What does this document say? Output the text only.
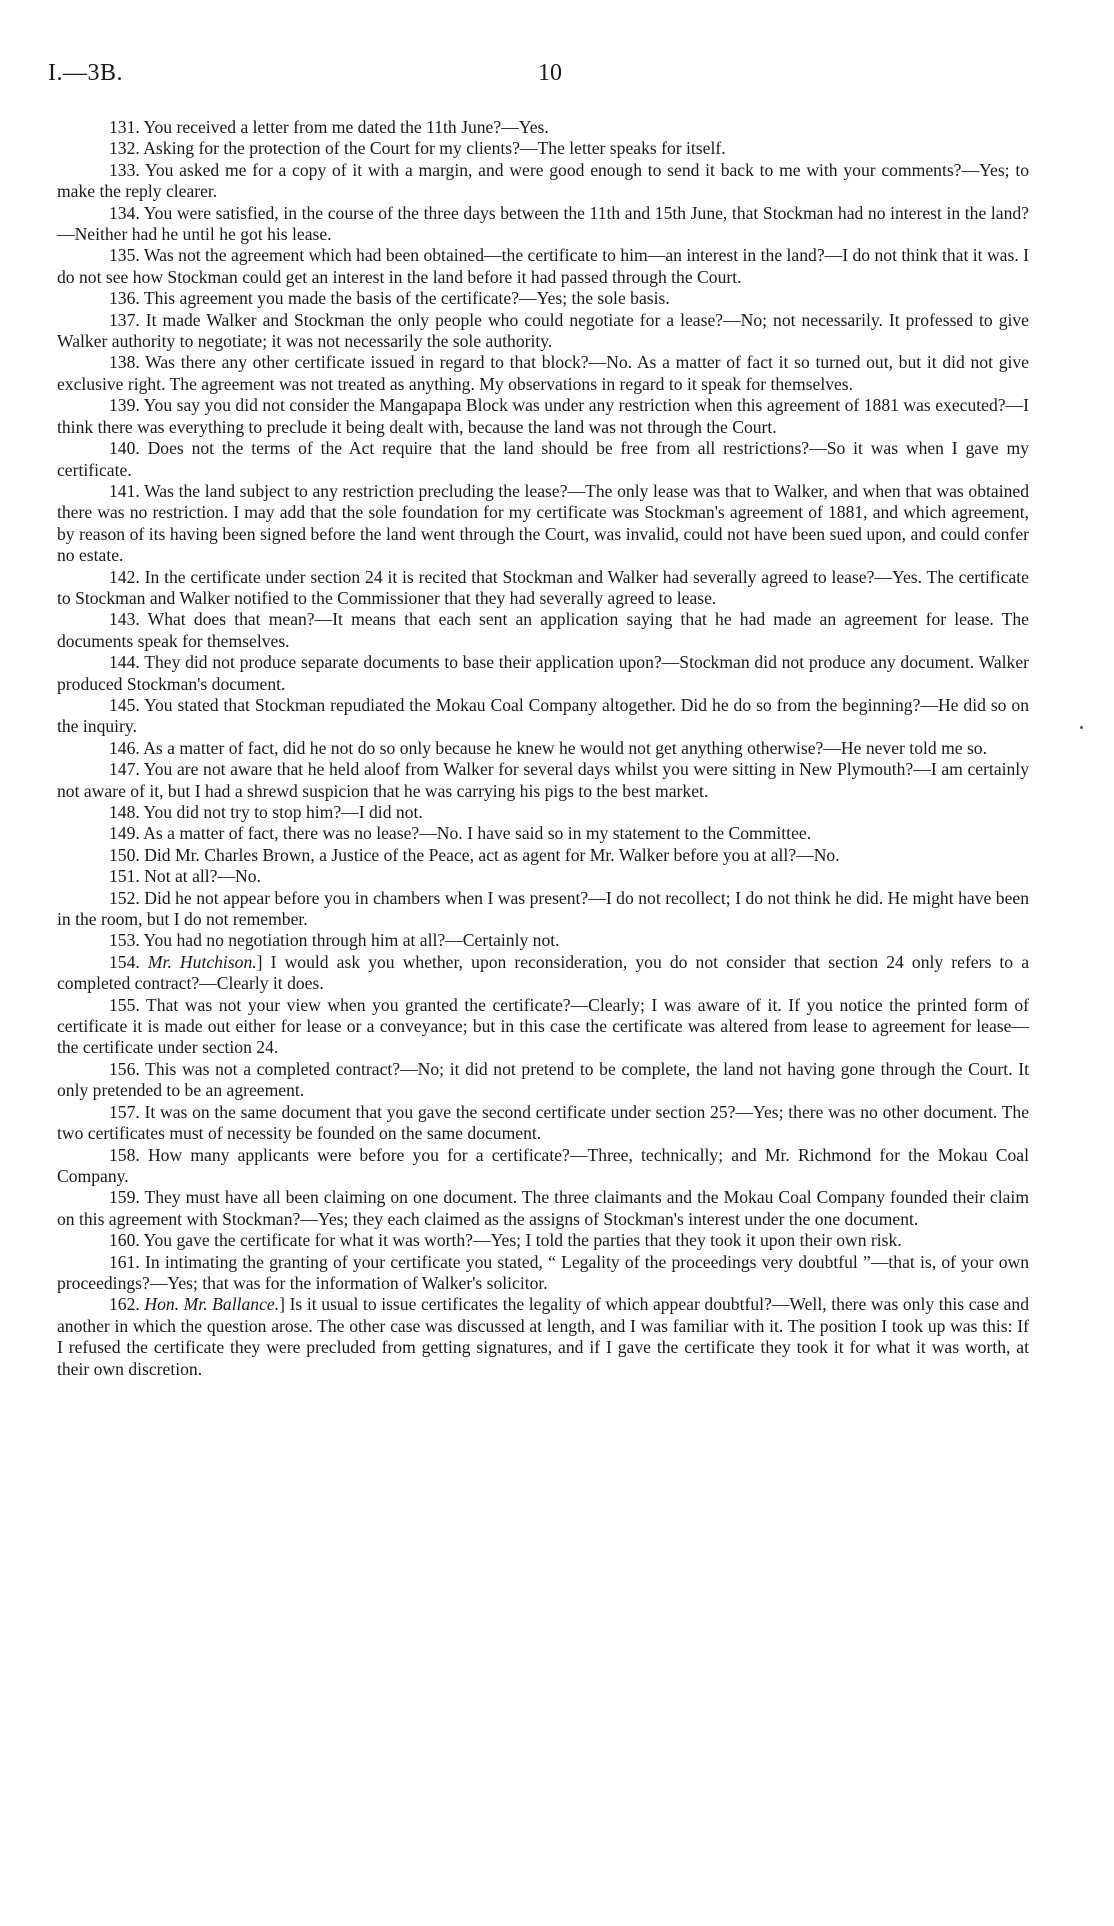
I.—3B.	10

131. You received a letter from me dated the 11th June?—Yes.

132. Asking for the protection of the Court for my clients?—The letter speaks for itself.

133. You asked me for a copy of it with a margin, and were good enough to send it back to me with your comments?—Yes; to make the reply clearer.

134. You were satisfied, in the course of the three days between the 11th and 15th June, that Stockman had no interest in the land?—Neither had he until he got his lease.

135. Was not the agreement which had been obtained—the certificate to him—an interest in the land?—I do not think that it was. I do not see how Stockman could get an interest in the land before it had passed through the Court.

136. This agreement you made the basis of the certificate?—Yes; the sole basis.

137. It made Walker and Stockman the only people who could negotiate for a lease?—No; not necessarily. It professed to give Walker authority to negotiate; it was not necessarily the sole authority.

138. Was there any other certificate issued in regard to that block?—No. As a matter of fact it so turned out, but it did not give exclusive right. The agreement was not treated as anything. My observations in regard to it speak for themselves.

139. You say you did not consider the Mangapapa Block was under any restriction when this agreement of 1881 was executed?—I think there was everything to preclude it being dealt with, because the land was not through the Court.

140. Does not the terms of the Act require that the land should be free from all restrictions?—So it was when I gave my certificate.

141. Was the land subject to any restriction precluding the lease?—The only lease was that to Walker, and when that was obtained there was no restriction. I may add that the sole foundation for my certificate was Stockman's agreement of 1881, and which agreement, by reason of its having been signed before the land went through the Court, was invalid, could not have been sued upon, and could confer no estate.

142. In the certificate under section 24 it is recited that Stockman and Walker had severally agreed to lease?—Yes. The certificate to Stockman and Walker notified to the Commissioner that they had severally agreed to lease.

143. What does that mean?—It means that each sent an application saying that he had made an agreement for lease. The documents speak for themselves.

144. They did not produce separate documents to base their application upon?—Stockman did not produce any document. Walker produced Stockman's document.

145. You stated that Stockman repudiated the Mokau Coal Company altogether. Did he do so from the beginning?—He did so on the inquiry.

146. As a matter of fact, did he not do so only because he knew he would not get anything otherwise?—He never told me so.

147. You are not aware that he held aloof from Walker for several days whilst you were sitting in New Plymouth?—I am certainly not aware of it, but I had a shrewd suspicion that he was carrying his pigs to the best market.

148. You did not try to stop him?—I did not.

149. As a matter of fact, there was no lease?—No. I have said so in my statement to the Committee.

150. Did Mr. Charles Brown, a Justice of the Peace, act as agent for Mr. Walker before you at all?—No.

151. Not at all?—No.

152. Did he not appear before you in chambers when I was present?—I do not recollect; I do not think he did. He might have been in the room, but I do not remember.

153. You had no negotiation through him at all?—Certainly not.

154. Mr. Hutchison.] I would ask you whether, upon reconsideration, you do not consider that section 24 only refers to a completed contract?—Clearly it does.

155. That was not your view when you granted the certificate?—Clearly; I was aware of it. If you notice the printed form of certificate it is made out either for lease or a conveyance; but in this case the certificate was altered from lease to agreement for lease—the certificate under section 24.

156. This was not a completed contract?—No; it did not pretend to be complete, the land not having gone through the Court. It only pretended to be an agreement.

157. It was on the same document that you gave the second certificate under section 25?—Yes; there was no other document. The two certificates must of necessity be founded on the same document.

158. How many applicants were before you for a certificate?—Three, technically; and Mr. Richmond for the Mokau Coal Company.

159. They must have all been claiming on one document. The three claimants and the Mokau Coal Company founded their claim on this agreement with Stockman?—Yes; they each claimed as the assigns of Stockman's interest under the one document.

160. You gave the certificate for what it was worth?—Yes; I told the parties that they took it upon their own risk.

161. In intimating the granting of your certificate you stated, “ Legality of the proceedings very doubtful ”—that is, of your own proceedings?—Yes; that was for the information of Walker's solicitor.

162. Hon. Mr. Ballance.] Is it usual to issue certificates the legality of which appear doubtful?—Well, there was only this case and another in which the question arose. The other case was discussed at length, and I was familiar with it. The position I took up was this: If I refused the certificate they were precluded from getting signatures, and if I gave the certificate they took it for what it was worth, at their own discretion.
